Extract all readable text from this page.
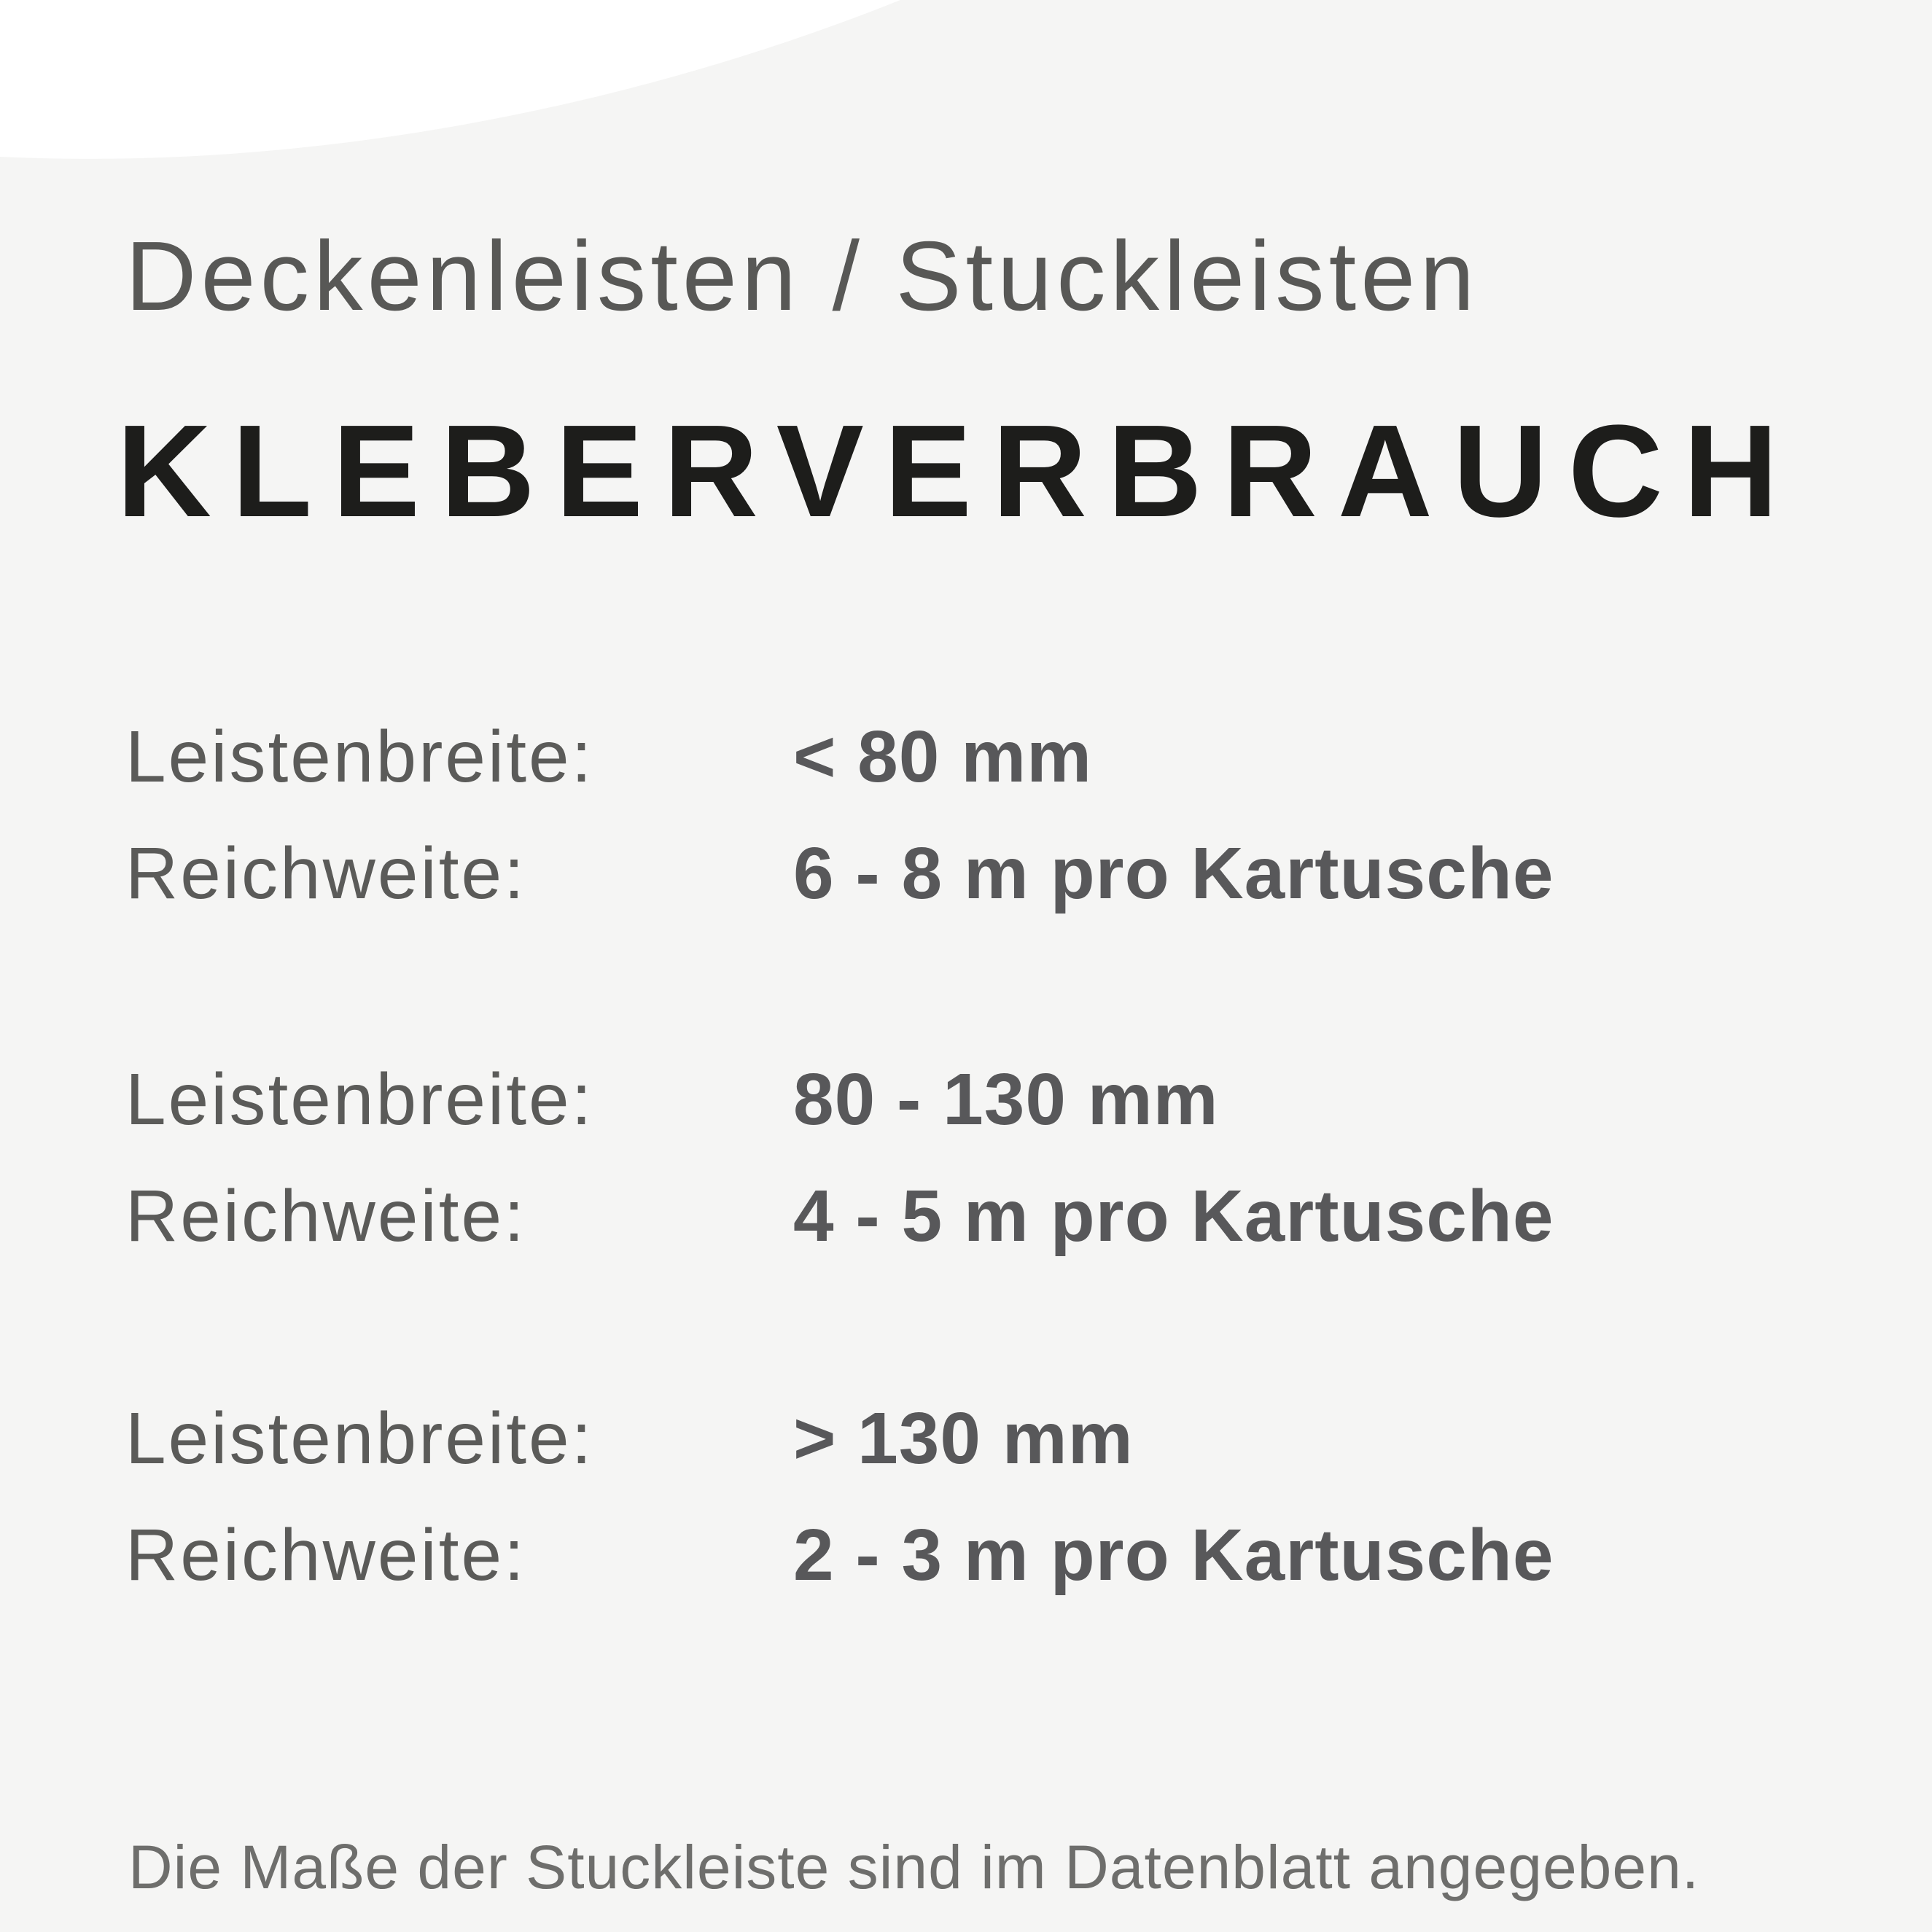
Deckenleisten / Stuckleisten
KLEBERVERBRAUCH
Leistenbreite:	< 80 mm
Reichweite:	6 - 8 m pro Kartusche
Leistenbreite:	80 - 130 mm
Reichweite:	4 - 5 m pro Kartusche
Leistenbreite:	> 130 mm
Reichweite:	2 - 3 m pro Kartusche
Die Maße der Stuckleiste sind im Datenblatt angegeben.
